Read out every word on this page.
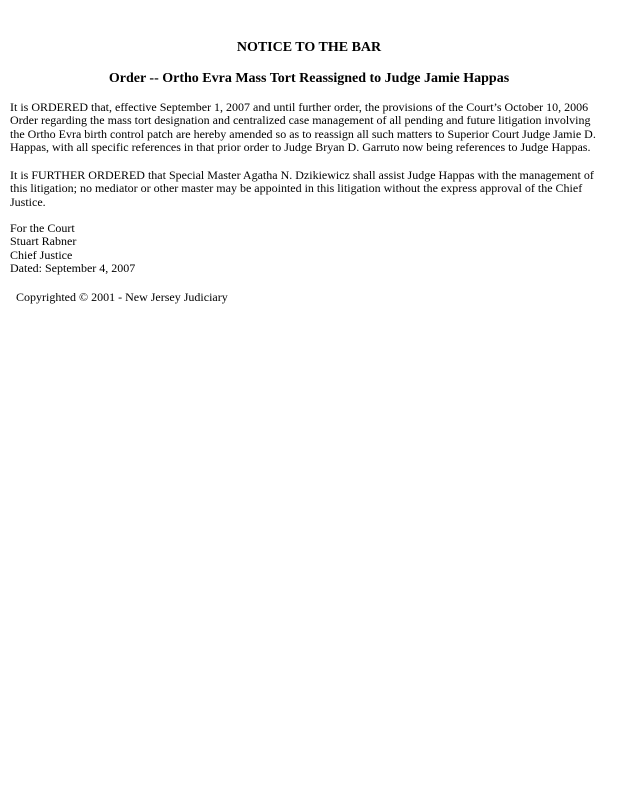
NOTICE TO THE BAR
Order -- Ortho Evra Mass Tort Reassigned to Judge Jamie Happas

It is ORDERED that, effective September 1, 2007 and until further order, the provisions of the Court’s October 10, 2006 Order regarding the mass tort designation and centralized case management of all pending and future litigation involving the Ortho Evra birth control patch are hereby amended so as to reassign all such matters to Superior Court Judge Jamie D. Happas, with all specific references in that prior order to Judge Bryan D. Garruto now being references to Judge Happas.

It is FURTHER ORDERED that Special Master Agatha N. Dzikiewicz shall assist Judge Happas with the management of this litigation; no mediator or other master may be appointed in this litigation without the express approval of the Chief Justice.

For the Court
Stuart Rabner
Chief Justice
Dated: September 4, 2007
Copyrighted © 2001 - New Jersey Judiciary
